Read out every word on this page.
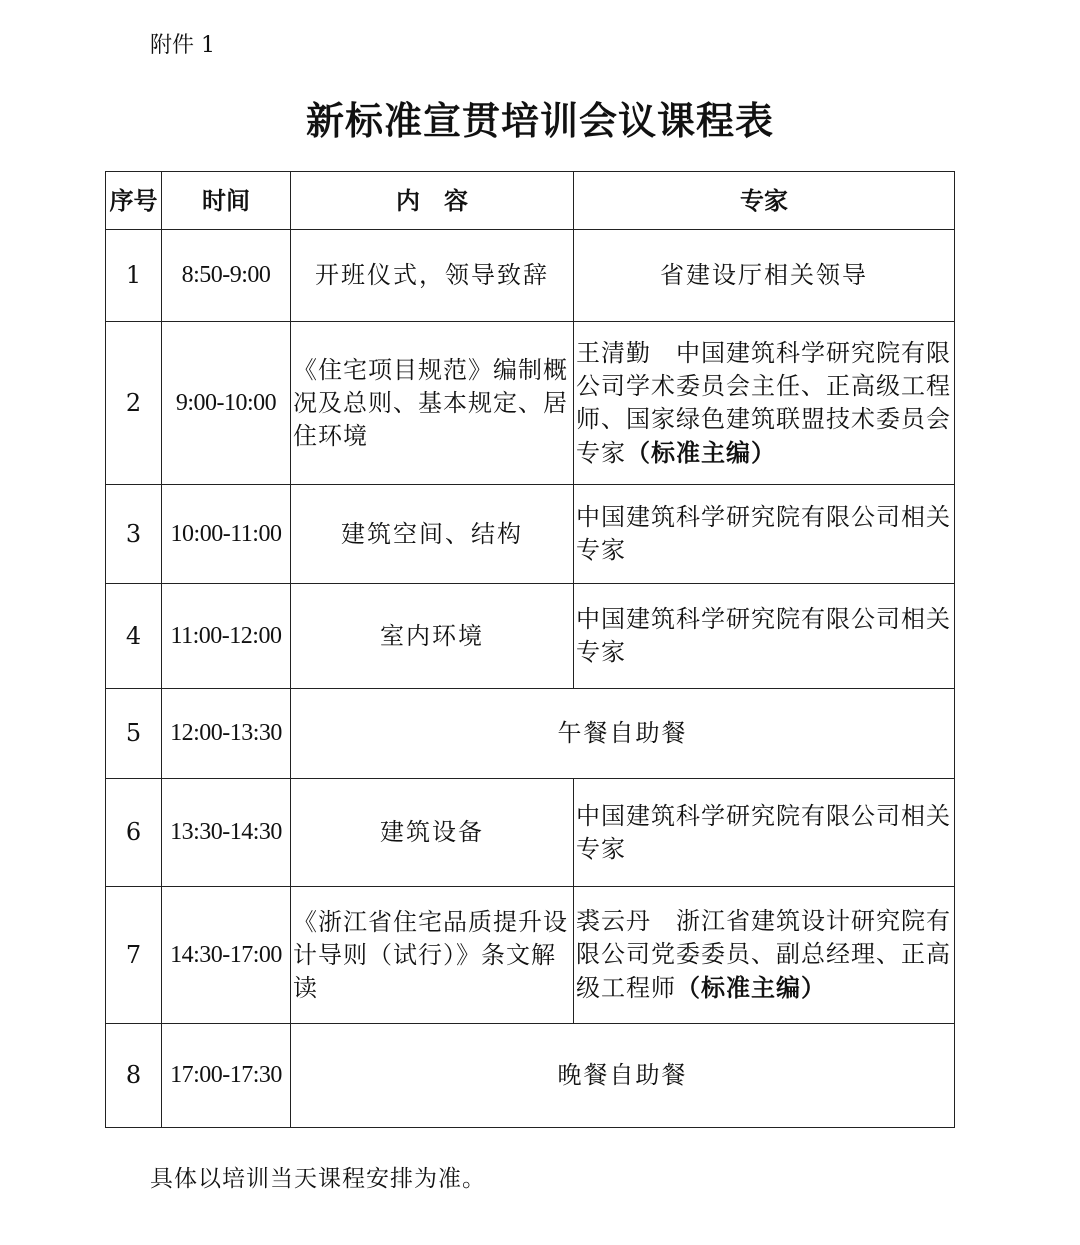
附件 1
新标准宣贯培训会议课程表
序号	时间	内　容	专家
1	8:50-9:00	开班仪式，领导致辞	省建设厅相关领导
2	9:00-10:00	《住宅项目规范》编制概况及总则、基本规定、居住环境	王清勤　中国建筑科学研究院有限公司学术委员会主任、正高级工程师、国家绿色建筑联盟技术委员会专家（标准主编）
3	10:00-11:00	建筑空间、结构	中国建筑科学研究院有限公司相关专家
4	11:00-12:00	室内环境	中国建筑科学研究院有限公司相关专家
5	12:00-13:30	午餐自助餐	
6	13:30-14:30	建筑设备	中国建筑科学研究院有限公司相关专家
7	14:30-17:00	《浙江省住宅品质提升设计导则（试行）》条文解读	裘云丹　浙江省建筑设计研究院有限公司党委委员、副总经理、正高级工程师（标准主编）
8	17:00-17:30	晚餐自助餐	
具体以培训当天课程安排为准。
